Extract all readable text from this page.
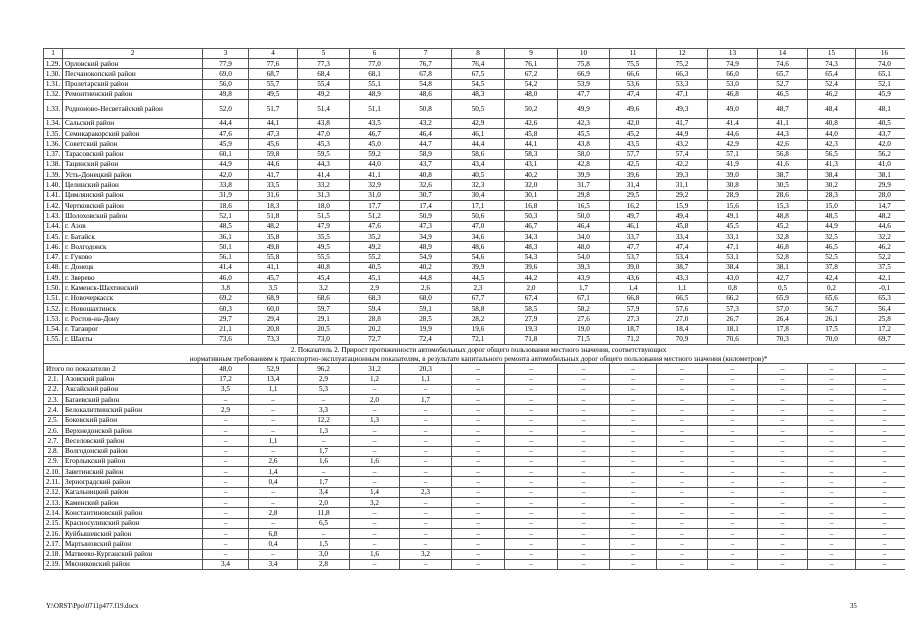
1	2	3	4	5	6	7	8	9	10	11	12	13	14	15	16
1.29.	Орловский район	77,9	77,6	77,3	77,0	76,7	76,4	76,1	75,8	75,5	75,2	74,9	74,6	74,3	74,0
1.30.	Песчанокопский район	69,0	68,7	68,4	68,1	67,8	67,5	67,2	66,9	66,6	66,3	66,0	65,7	65,4	65,1
1.31.	Пролетарский район	56,0	55,7	55,4	55,1	54,8	54,5	54,2	53,9	53,6	53,3	53,0	52,7	52,4	52,1
1.32.	Ремонтненский район	49,8	49,5	49,2	48,9	48,6	48,3	48,0	47,7	47,4	47,1	46,8	46,5	46,2	45,9
1.33.	Родионово-Несветайский район	52,0	51,7	51,4	51,1	50,8	50,5	50,2	49,9	49,6	49,3	49,0	48,7	48,4	48,1
1.34.	Сальский район	44,4	44,1	43,8	43,5	43,2	42,9	42,6	42,3	42,0	41,7	41,4	41,1	40,8	40,5
1.35.	Семикаракорский район	47,6	47,3	47,0	46,7	46,4	46,1	45,8	45,5	45,2	44,9	44,6	44,3	44,0	43,7
1.36.	Советский район	45,9	45,6	45,3	45,0	44,7	44,4	44,1	43,8	43,5	43,2	42,9	42,6	42,3	42,0
1.37.	Тарасовский район	60,1	59,8	59,5	59,2	58,9	58,6	58,3	58,0	57,7	57,4	57,1	56,8	56,5	56,2
1.38.	Тацинский район	44,9	44,6	44,3	44,0	43,7	43,4	43,1	42,8	42,5	42,2	41,9	41,6	41,3	41,0
1.39.	Усть-Донецкий район	42,0	41,7	41,4	41,1	40,8	40,5	40,2	39,9	39,6	39,3	39,0	38,7	38,4	38,1
1.40.	Целинский район	33,8	33,5	33,2	32,9	32,6	32,3	32,0	31,7	31,4	31,1	30,8	30,5	30,2	29,9
1.41.	Цимлянский район	31,9	31,6	31,3	31,0	30,7	30,4	30,1	29,8	29,5	29,2	28,9	28,6	28,3	28,0
1.42.	Чертковский район	18,6	18,3	18,0	17,7	17,4	17,1	16,8	16,5	16,2	15,9	15,6	15,3	15,0	14,7
1.43.	Шолоховский район	52,1	51,8	51,5	51,2	50,9	50,6	50,3	50,0	49,7	49,4	49,1	48,8	48,5	48,2
1.44.	г. Азов	48,5	48,2	47,9	47,6	47,3	47,0	46,7	46,4	46,1	45,8	45,5	45,2	44,9	44,6
1.45.	г. Батайск	36,1	35,8	35,5	35,2	34,9	34,6	34,3	34,0	33,7	33,4	33,1	32,8	32,5	32,2
1.46.	г. Волгодонск	50,1	49,8	49,5	49,2	48,9	48,6	48,3	48,0	47,7	47,4	47,1	46,8	46,5	46,2
1.47.	г. Гуково	56,1	55,8	55,5	55,2	54,9	54,6	54,3	54,0	53,7	53,4	53,1	52,8	52,5	52,2
1.48.	г. Донецк	41,4	41,1	40,8	40,5	40,2	39,9	39,6	39,3	39,0	38,7	38,4	38,1	37,8	37,5
1.49.	г. Зверево	46,0	45,7	45,4	45,1	44,8	44,5	44,2	43,9	43,6	43,3	43,0	42,7	42,4	42,1
1.50.	г. Каменск-Шахтинский	3,8	3,5	3,2	2,9	2,6	2,3	2,0	1,7	1,4	1,1	0,8	0,5	0,2	-0,1
1.51.	г. Новочеркасск	69,2	68,9	68,6	68,3	68,0	67,7	67,4	67,1	66,8	66,5	66,2	65,9	65,6	65,3
1.52.	г. Новошахтинск	60,3	60,0	59,7	59,4	59,1	58,8	58,5	58,2	57,9	57,6	57,3	57,0	56,7	56,4
1.53.	г. Ростов-на-Дону	29,7	29,4	29,1	28,8	28,5	28,2	27,9	27,6	27,3	27,0	26,7	26,4	26,1	25,8
1.54.	г. Таганрог	21,1	20,8	20,5	20,2	19,9	19,6	19,3	19,0	18,7	18,4	18,1	17,8	17,5	17,2
1.55.	г. Шахты	73,6	73,3	73,0	72,7	72,4	72,1	71,8	71,5	71,2	70,9	70,6	70,3	70,0	69,7
2. Показатель 2. Прирост протяженности автомобильных дорог общего пользования местного значения, соответствующих															
нормативным требованиям к транспортно-эксплуатационным показателям, в результате капитального ремонта автомобильных дорог общего пользования местного значения (километров)*															
Итого по показателю 2		48,0	52,9	96,2	31,2	20,3	–	–	–	–	–	–	–	–	–
2.1.	Азовский район	17,2	13,4	2,9	1,2	1,1	–	–	–	–	–	–	–	–	–
2.2.	Аксайский район	3,5	1,1	5,3	–	–	–	–	–	–	–	–	–	–	–
2.3.	Багаевский район	–	–	–	2,0	1,7	–	–	–	–	–	–	–	–	–
2.4.	Белокалитвинский район	2,9	–	3,3	–	–	–	–	–	–	–	–	–	–	–
2.5.	Боковский район	–	–	12,2	1,3	–	–	–	–	–	–	–	–	–	–
2.6.	Верхнедонской район	–	–	1,3	–	–	–	–	–	–	–	–	–	–	–
2.7.	Веселовский район	–	1,1	–	–	–	–	–	–	–	–	–	–	–	–
2.8.	Волгодонской район	–	–	1,7	–	–	–	–	–	–	–	–	–	–	–
2.9.	Егорлыкский район	–	2,6	1,6	1,6	–	–	–	–	–	–	–	–	–	–
2.10.	Заветинский район	–	1,4	–	–	–	–	–	–	–	–	–	–	–	–
2.11.	Зерноградский район	–	0,4	1,7	–	–	–	–	–	–	–	–	–	–	–
2.12.	Кагальницкий район	–	–	3,4	1,4	2,3	–	–	–	–	–	–	–	–	–
2.13.	Каменский район	–	–	2,0	3,2	–	–	–	–	–	–	–	–	–	–
2.14.	Константиновский район	–	2,8	11,8	–	–	–	–	–	–	–	–	–	–	–
2.15.	Красносулинский район	–	–	6,5	–	–	–	–	–	–	–	–	–	–	–
2.16.	Куйбышевский район	–	6,8	–	–	–	–	–	–	–	–	–	–	–	–
2.17.	Мартыновский район	–	0,4	1,5	–	–	–	–	–	–	–	–	–	–	–
2.18.	Матвеево-Курганский район	–	–	3,0	1,6	3,2	–	–	–	–	–	–	–	–	–
2.19.	Мясниковский район	3,4	3,4	2,8	–	–	–	–	–	–	–	–	–	–	–
Y:\ORST\Ppo\0711p477.f19.docx	35
